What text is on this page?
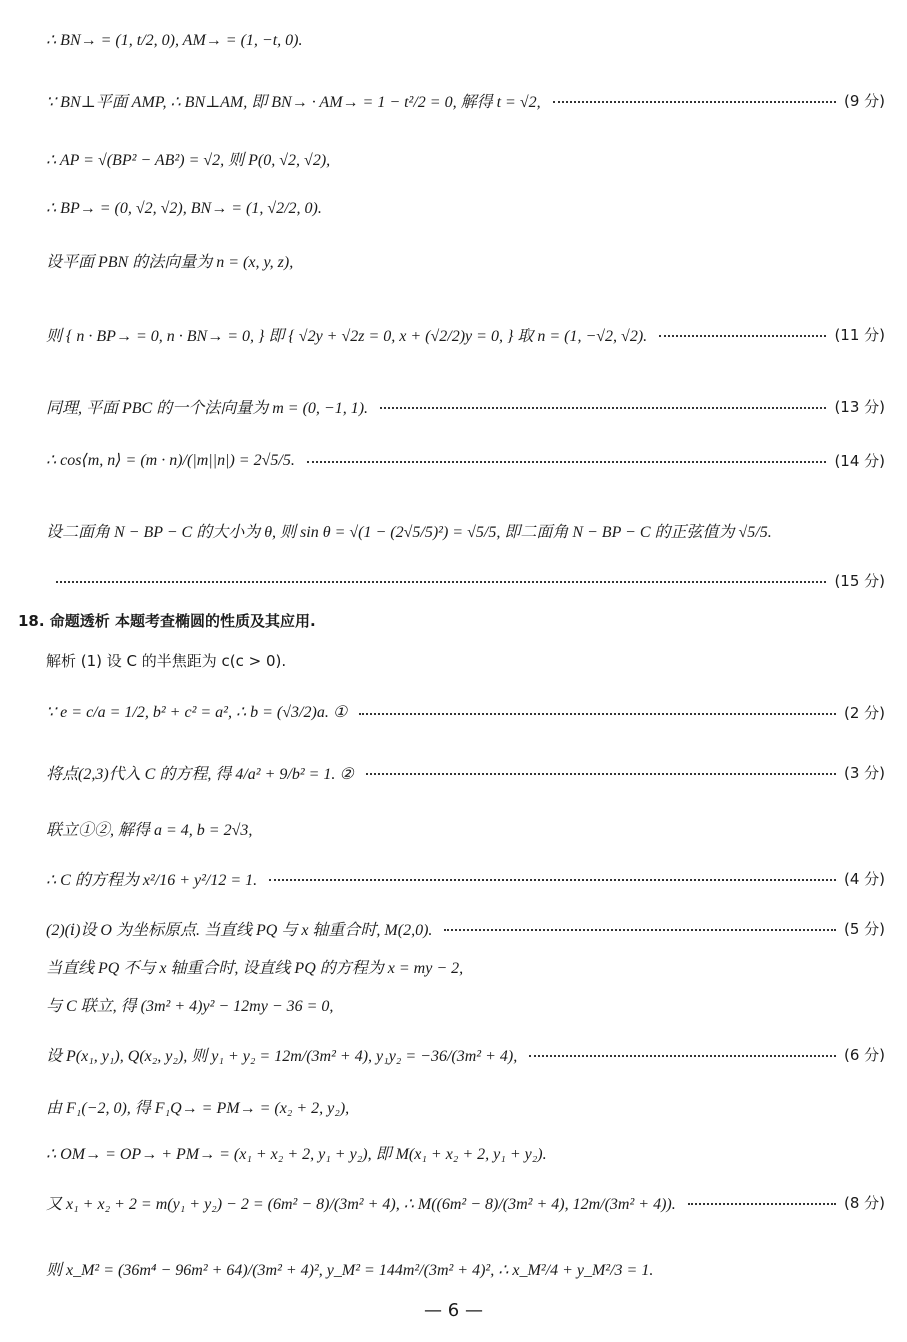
∴ BN→ = (1, t/2, 0), AM→ = (1, −t, 0).
∵ BN⊥平面 AMP, ∴ BN⊥AM, 即 BN→ · AM→ = 1 − t²/2 = 0, 解得 t = √2,	(9 分)
∴ AP = √(BP² − AB²) = √2, 则 P(0, √2, √2),
∴ BP→ = (0, √2, √2), BN→ = (1, √2/2, 0).
设平面 PBN 的法向量为 n = (x, y, z),
则 { n · BP→ = 0, n · BN→ = 0, } 即 { √2y + √2z = 0, x + (√2/2)y = 0, } 取 n = (1, −√2, √2).	(11 分)
同理, 平面 PBC 的一个法向量为 m = (0, −1, 1).	(13 分)
∴ cos⟨m, n⟩ = (m · n)/(|m||n|) = 2√5/5.	(14 分)
设二面角 N − BP − C 的大小为 θ, 则 sin θ = √(1 − (2√5/5)²) = √5/5, 即二面角 N − BP − C 的正弦值为 √5/5.
(15 分)
18. 命题透析 本题考查椭圆的性质及其应用.
解析 (1) 设 C 的半焦距为 c(c > 0).
∵ e = c/a = 1/2, b² + c² = a², ∴ b = (√3/2)a. ①	(2 分)
将点(2,3)代入 C 的方程, 得 4/a² + 9/b² = 1. ②	(3 分)
联立①②, 解得 a = 4, b = 2√3,
∴ C 的方程为 x²/16 + y²/12 = 1.	(4 分)
(2)(ⅰ)设 O 为坐标原点. 当直线 PQ 与 x 轴重合时, M(2,0).	(5 分)
当直线 PQ 不与 x 轴重合时, 设直线 PQ 的方程为 x = my − 2,
与 C 联立, 得 (3m² + 4)y² − 12my − 36 = 0,
设 P(x₁, y₁), Q(x₂, y₂), 则 y₁ + y₂ = 12m/(3m² + 4), y₁y₂ = −36/(3m² + 4),	(6 分)
由 F₁(−2, 0), 得 F₁Q→ = PM→ = (x₂ + 2, y₂),
∴ OM→ = OP→ + PM→ = (x₁ + x₂ + 2, y₁ + y₂), 即 M(x₁ + x₂ + 2, y₁ + y₂).
又 x₁ + x₂ + 2 = m(y₁ + y₂) − 2 = (6m² − 8)/(3m² + 4), ∴ M((6m² − 8)/(3m² + 4), 12m/(3m² + 4)).	(8 分)
则 x_M² = (36m⁴ − 96m² + 64)/(3m² + 4)², y_M² = 144m²/(3m² + 4)², ∴ x_M²/4 + y_M²/3 = 1.
— 6 —
